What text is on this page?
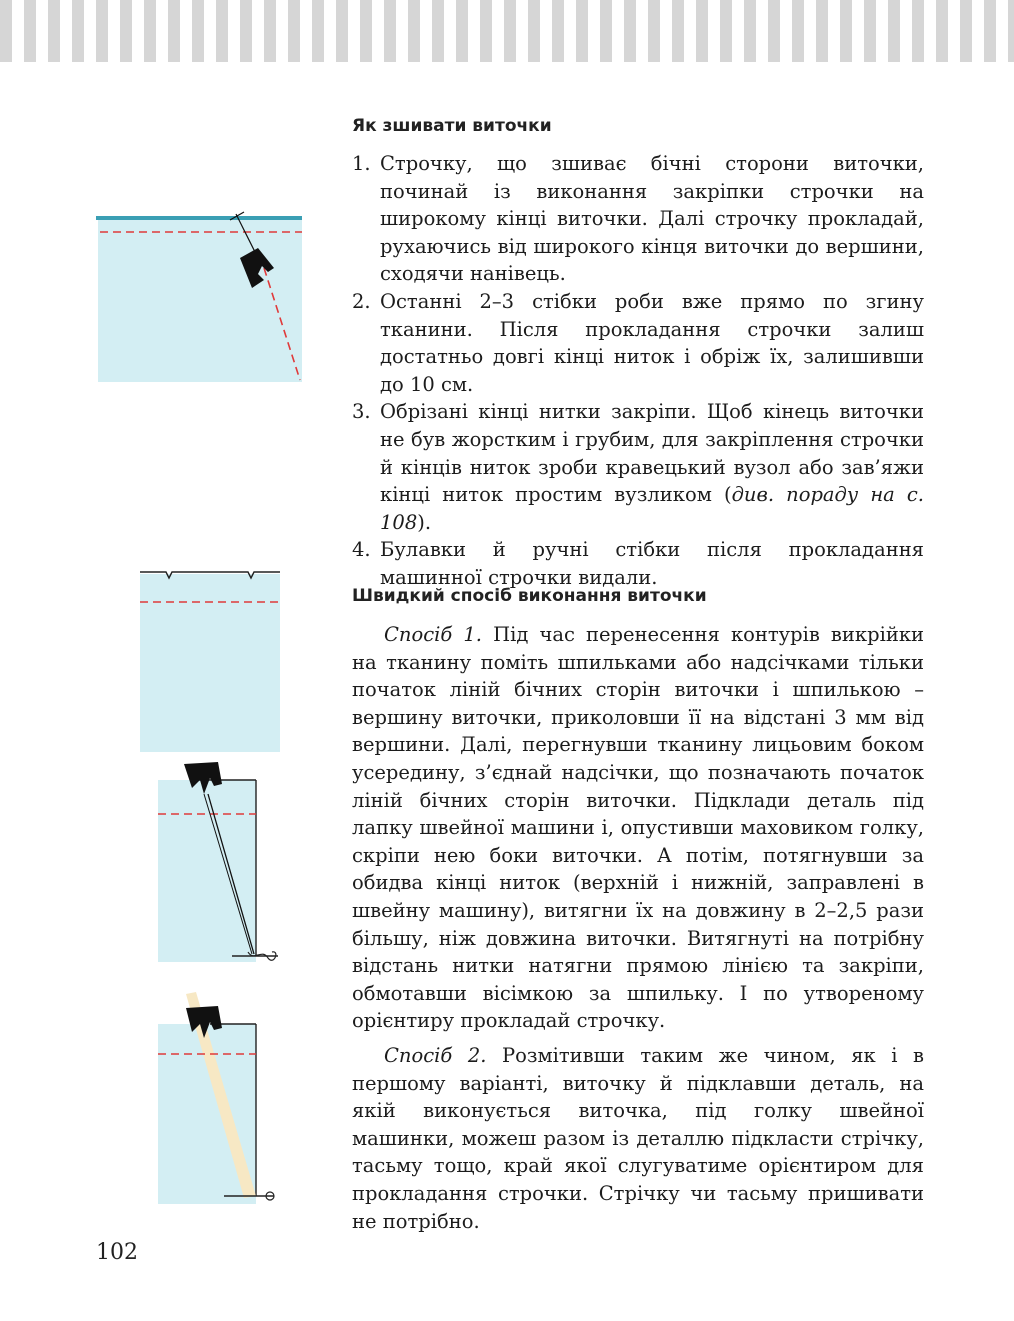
Як зшивати виточки
1. Строчку, що зшиває бічні сторони виточки, починай із виконання закріпки строчки на широкому кінці виточки. Далі строчку прокладай, рухаючись від широкого кінця виточки до вершини, сходячи нанівець.
2. Останні 2–3 стібки роби вже прямо по згину тканини. Після прокладання строчки залиш достатньо довгі кінці ниток і обріж їх, залишивши до 10 см.
3. Обрізані кінці нитки закріпи. Щоб кінець виточки не був жорстким і грубим, для закріплення строчки й кінців ниток зроби кравецький вузол або зав’яжи кінці ниток простим вузликом (див. пораду на с. 108).
4. Булавки й ручні стібки після прокладання машинної строчки видали.
Швидкий спосіб виконання виточки

Спосіб 1. Під час перенесення контурів викрійки на тканину поміть шпильками або надсічками тільки початок ліній бічних сторін виточки і шпилькою – вершину виточки, приколовши її на відстані 3 мм від вершини. Далі, перегнувши тканину лицьовим боком усередину, з’єднай надсічки, що позначають початок ліній бічних сторін виточки. Підклади деталь під лапку швейної машини і, опустивши маховиком голку, скріпи нею боки виточки. А потім, потягнувши за обидва кінці ниток (верхній і нижній, заправлені в швейну машину), витягни їх на довжину в 2–2,5 рази більшу, ніж довжина виточки. Витягнуті на потрібну відстань нитки натягни прямою лінією та закріпи, обмотавши вісімкою за шпильку. І по утвореному орієнтиру прокладай строчку.

Спосіб 2. Розмітивши таким же чином, як і в першому варіанті, виточку й підклавши деталь, на якій виконується виточка, під голку швейної машинки, можеш разом із деталлю підкласти стрічку, тасьму тощо, край якої слугуватиме орієнтиром для прокладання строчки. Стрічку чи тасьму пришивати не потрібно.

102
